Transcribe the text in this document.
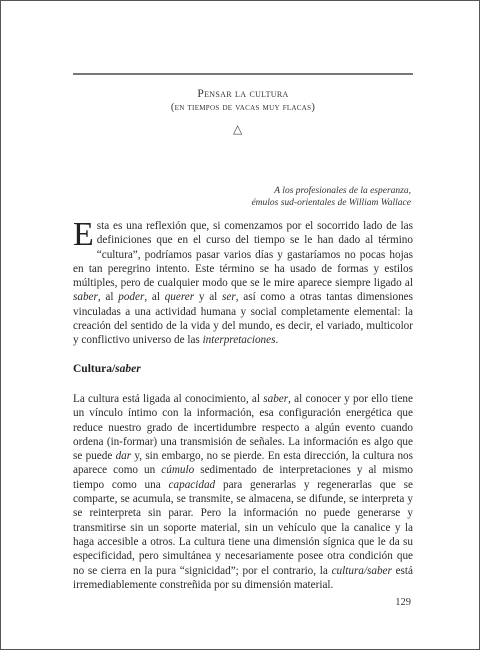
Pensar la cultura
(en tiempos de vacas muy flacas)
△
A los profesionales de la esperanza,
émulos sud-orientales de William Wallace
Esta es una reflexión que, si comenzamos por el socorrido lado de las definiciones que en el curso del tiempo se le han dado al término “cultura”, podríamos pasar varios días y gastaríamos no pocas hojas en tan peregrino intento. Este término se ha usado de formas y estilos múltiples, pero de cualquier modo que se le mire aparece siempre ligado al saber, al poder, al querer y al ser, así como a otras tantas dimensiones vinculadas a una actividad humana y social completamente elemental: la creación del sentido de la vida y del mundo, es decir, el variado, multicolor y conflictivo universo de las interpretaciones.
Cultura/saber
La cultura está ligada al conocimiento, al saber, al conocer y por ello tiene un vínculo íntimo con la información, esa configuración energética que reduce nuestro grado de incertidumbre respecto a algún evento cuando ordena (in-formar) una transmisión de señales. La información es algo que se puede dar y, sin embargo, no se pierde. En esta dirección, la cultura nos aparece como un cúmulo sedimentado de interpretaciones y al mismo tiempo como una capacidad para generarlas y regenerarlas que se comparte, se acumula, se transmite, se almacena, se difunde, se interpreta y se reinterpreta sin parar. Pero la información no puede generarse y transmitirse sin un soporte material, sin un vehículo que la canalice y la haga accesible a otros. La cultura tiene una dimensión sígnica que le da su especificidad, pero simultánea y necesariamente posee otra condición que no se cierra en la pura “signicidad”; por el contrario, la cultura/saber está irremediablemente constreñida por su dimensión material.
129
